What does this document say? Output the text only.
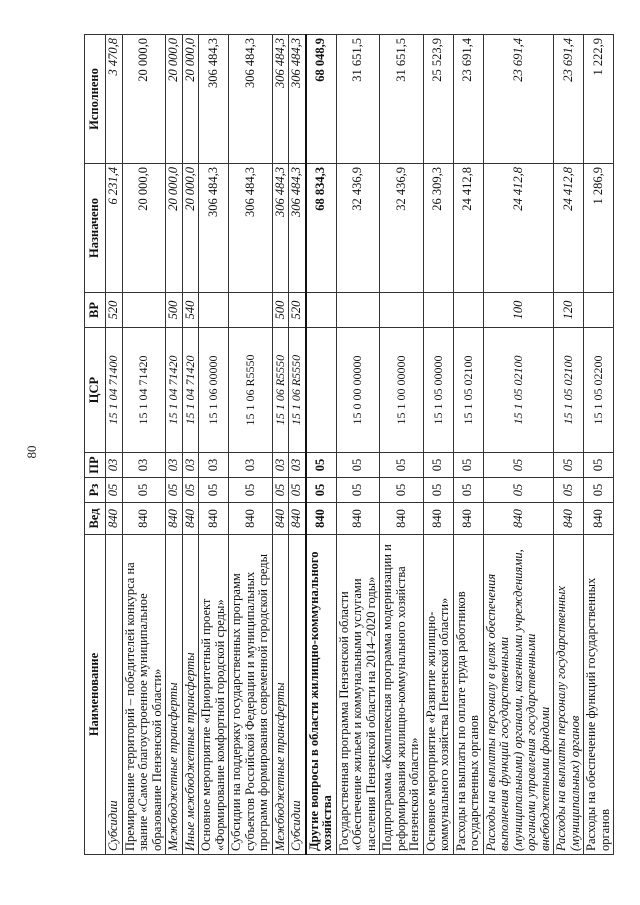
80
Наименование	Вед	Рз	ПР	ЦСР	ВР	Назначено	Исполнено
Субсидии	840	05	03	15 1 04 71400	520	6 231,4	3 470,8
Премирование территорий – победителей конкурса на звание «Самое благоустроенное муниципальное образование Пензенской области»	840	05	03	15 1 04 71420		20 000,0	20 000,0
Межбюджетные трансферты	840	05	03	15 1 04 71420	500	20 000,0	20 000,0
Иные межбюджетные трансферты	840	05	03	15 1 04 71420	540	20 000,0	20 000,0
Основное мероприятие «Приоритетный проект «Формирование комфортной городской среды»	840	05	03	15 1 06 00000		306 484,3	306 484,3
Субсидии на поддержку государственных программ субъектов Российской Федерации и муниципальных программ формирования современной городской среды	840	05	03	15 1 06 R5550		306 484,3	306 484,3
Межбюджетные трансферты	840	05	03	15 1 06 R5550	500	306 484,3	306 484,3
Субсидии	840	05	03	15 1 06 R5550	520	306 484,3	306 484,3
Другие вопросы в области жилищно-коммунального хозяйства	840	05	05			68 834,3	68 048,9
Государственная программа Пензенской области «Обеспечение жильем и коммунальными услугами населения Пензенской области на 2014–2020 годы»	840	05	05	15 0 00 00000		32 436,9	31 651,5
Подпрограмма «Комплексная программа модернизации и реформирования жилищно-коммунального хозяйства Пензенской области»	840	05	05	15 1 00 00000		32 436,9	31 651,5
Основное мероприятие «Развитие жилищно-коммунального хозяйства Пензенской области»	840	05	05	15 1 05 00000		26 309,3	25 523,9
Расходы на выплаты по оплате труда работников государственных органов	840	05	05	15 1 05 02100		24 412,8	23 691,4
Расходы на выплаты персоналу в целях обеспечения выполнения функций государственными (муниципальными) органами, казенными учреждениями, органами управления государственными внебюджетными фондами	840	05	05	15 1 05 02100	100	24 412,8	23 691,4
Расходы на выплаты персоналу государственных (муниципальных) органов	840	05	05	15 1 05 02100	120	24 412,8	23 691,4
Расходы на обеспечение функций государственных органов	840	05	05	15 1 05 02200		1 286,9	1 222,9
